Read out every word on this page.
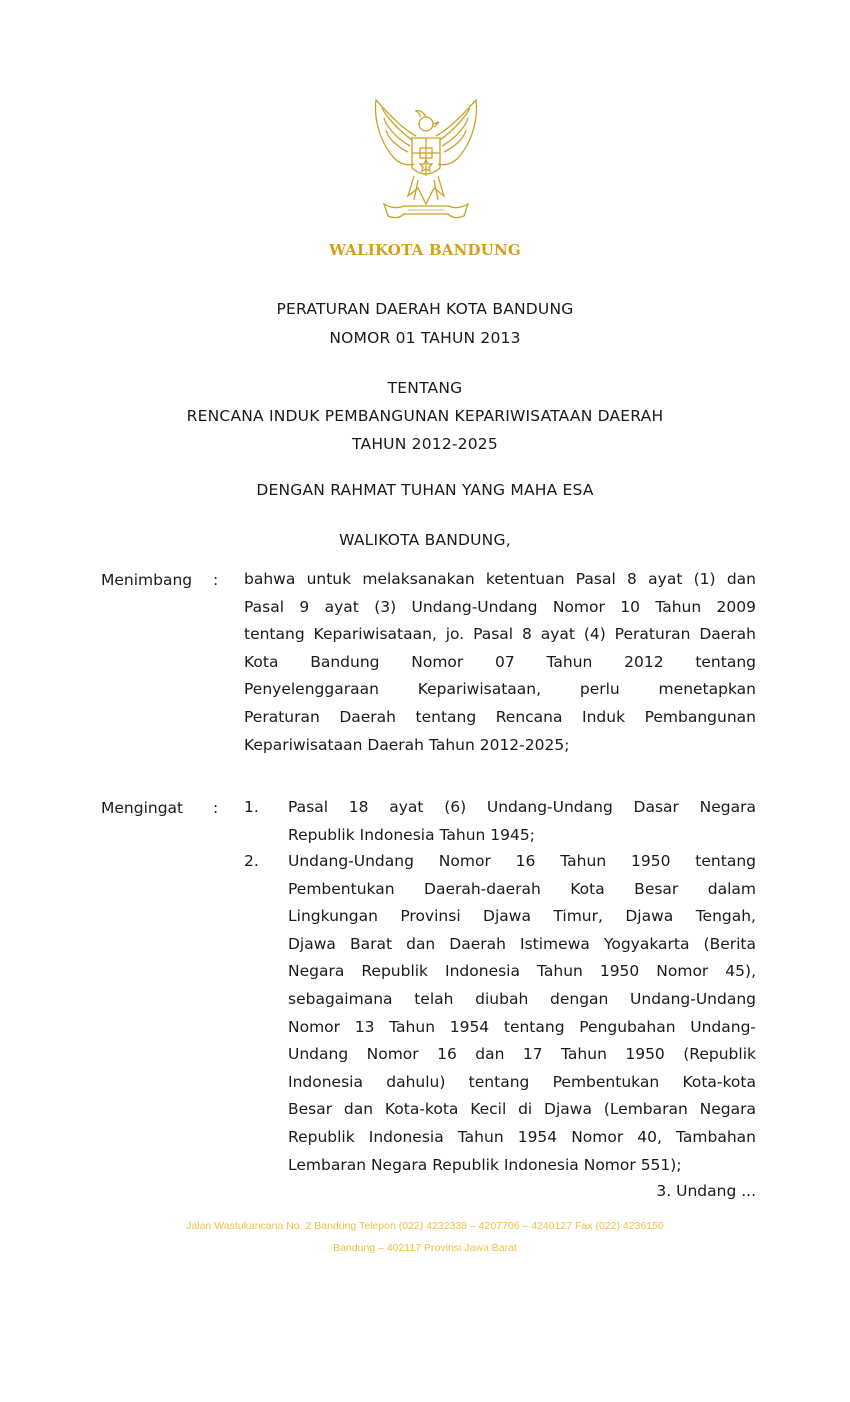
WALIKOTA BANDUNG
PERATURAN DAERAH KOTA BANDUNG
NOMOR 01 TAHUN 2013
TENTANG
RENCANA INDUK PEMBANGUNAN KEPARIWISATAAN DAERAH
TAHUN 2012-2025
DENGAN RAHMAT TUHAN YANG MAHA ESA
WALIKOTA BANDUNG,
Menimbang : bahwa untuk melaksanakan ketentuan Pasal 8 ayat (1) dan
Pasal 9 ayat (3) Undang-Undang Nomor 10 Tahun 2009
tentang Kepariwisataan, jo. Pasal 8 ayat (4) Peraturan Daerah
Kota Bandung Nomor 07 Tahun 2012 tentang
Penyelenggaraan Kepariwisataan, perlu menetapkan
Peraturan Daerah tentang Rencana Induk Pembangunan
Kepariwisataan Daerah Tahun 2012-2025;
Mengingat : 1. Pasal 18 ayat (6) Undang-Undang Dasar Negara
Republik Indonesia Tahun 1945;
2. Undang-Undang Nomor 16 Tahun 1950 tentang
Pembentukan Daerah-daerah Kota Besar dalam
Lingkungan Provinsi Djawa Timur, Djawa Tengah,
Djawa Barat dan Daerah Istimewa Yogyakarta (Berita
Negara Republik Indonesia Tahun 1950 Nomor 45),
sebagaimana telah diubah dengan Undang-Undang
Nomor 13 Tahun 1954 tentang Pengubahan Undang-
Undang Nomor 16 dan 17 Tahun 1950 (Republik
Indonesia dahulu) tentang Pembentukan Kota-kota
Besar dan Kota-kota Kecil di Djawa (Lembaran Negara
Republik Indonesia Tahun 1954 Nomor 40, Tambahan
Lembaran Negara Republik Indonesia Nomor 551);
3. Undang ...
Jalan Wastukancana No. 2 Bandung Telepon (022) 4232338 – 4207706 – 4240127 Fax (022) 4236150
Bandung – 402117 Provinsi Jawa Barat
